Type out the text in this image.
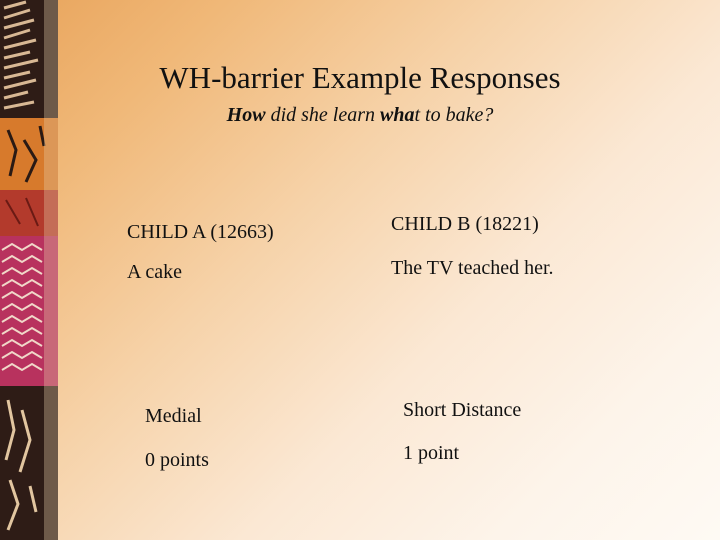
WH-barrier Example Responses
How did she learn what to bake?
CHILD A (12663)	CHILD B (18221)
A cake	The TV teached her.
Medial	Short Distance
0 points	1 point
